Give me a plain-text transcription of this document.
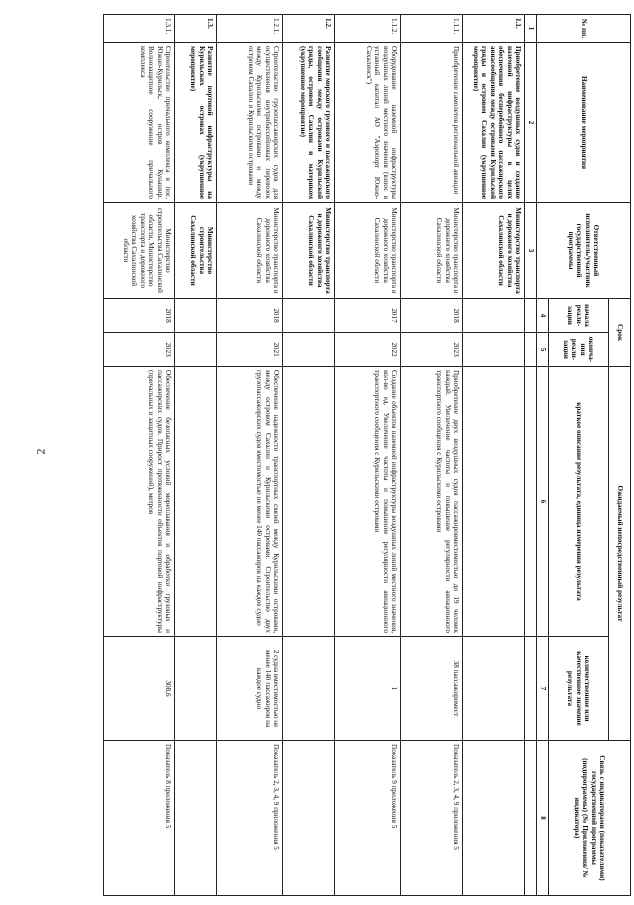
2
№ пп.	Наименование мероприятия	Ответственный исполнитель/участник государственной программы	Срок		Ожидаемый непосредственный результат		Связь с индикаторами (показателями) государственной программы (подпрограммы) (№ Приложения/ № индикатора)
			начала реали-зации	оконча-ния реали-зации	краткое описание результата, единица измерения результата	количественное или качественное значение результата	
			4	5	6	7	8
1	2	3					
1.1.	Приобретение воздушных судов и создание наземной инфраструктуры в целях обеспечения бесперебойного пассажирского авиасообщения между островами Курильской гряды и островом Сахалин (укрупненное мероприятие)	Министерство транспорта и дорожного хозяйства Сахалинской области					
1.1.1.	Приобретение самолетов региональной авиации	Министерство транспорта и дорожного хозяйства Сахалинской области	2018	2023	Приобретение двух воздушных судов пассажировместимостью до 19 человек каждый. Увеличение частоты и повышение регулярности авиационного транспортного сообщения с Курильскими островами	38 пассажиромест	Показатель 2, 3, 4, 9 приложения 5
1.1.2.	Оборудование наземной инфраструктуры воздушных линий местного значения (взнос в уставный капитал АО "Аэропорт Южно-Сахалинск")	Министерство транспорта и дорожного хозяйства Сахалинской области	2017	2022	Создание объектов наземной инфраструктуры воздушных линий местного значения, кол-во ед. Увеличение частоты и повышение регулярности авиационного транспортного сообщения с Курильскими островами	1	Показатель 9 приложения 5
1.2.	Развитие морского грузового и пассажирского сообщения между островами Курильской гряды, островом Сахалин и материком (укрупненное мероприятие)	Министерство транспорта и дорожного хозяйства Сахалинской области					
1.2.1.	Строительство грузопассажирских судов для осуществления внутрибассейновых перевозок между Курильскими островами и между островом Сахалин и Курильскими островами	Министерство транспорта и дорожного хозяйства Сахалинской области	2018	2021	Обеспечение надежности транспортных связей между Курильскими островами, между островом Сахалин и Курильскими островами. Строительство двух грузопассажирских судов вместимостью не менее 140 пассажиров на каждое судно	2 судна вместимостью не менее 140 пассажиров на каждое судно	Показатель 2, 3, 4, 9 приложения 5
1.3.	Развитие портовой инфраструктуры на Курильских островах (укрупненное мероприятие)	Министерство строительства Сахалинской области					
1.3.1.	Строительство причального комплекса в пос. Южно-Курильск, остров Кунашир. Волнозащитное сооружение причального комплекса	Министерство строительства Сахалинской области, Министерство транспорта и дорожного хозяйства Сахалинской области	2018	2023	Обеспечение безопасных условий мореплавания и обработки грузовых и пассажирских судов. Прирост протяженности объектов портовой инфраструктуры (причальных и защитных сооружений), метров	308,6	Показатель 8 приложения 5
